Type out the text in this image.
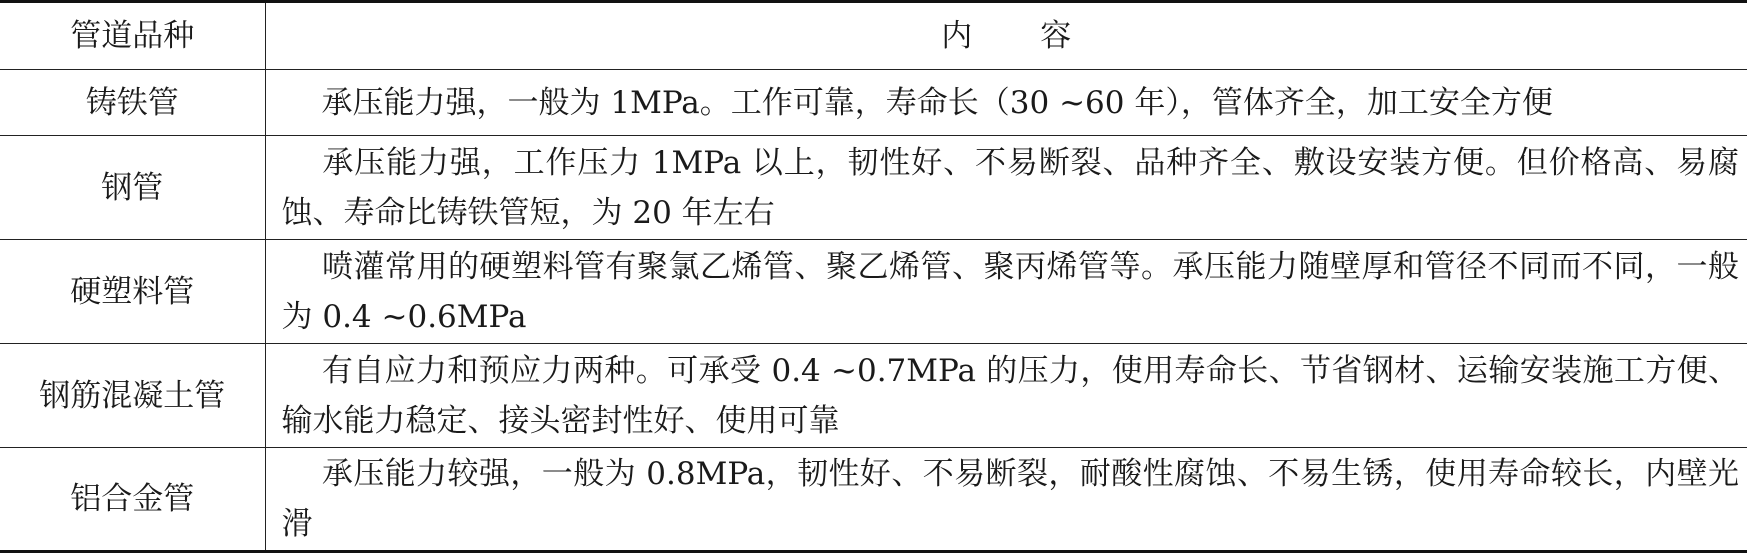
管道品种	内容
铸铁管	承压能力强，一般为 1MPa。工作可靠，寿命长（30 ~60 年），管体齐全，加工安全方便
钢管	承压能力强，工作压力 1MPa 以上，韧性好、不易断裂、品种齐全、敷设安装方便。但价格高、易腐蚀、寿命比铸铁管短，为 20 年左右
硬塑料管	喷灌常用的硬塑料管有聚氯乙烯管、聚乙烯管、聚丙烯管等。承压能力随壁厚和管径不同而不同，一般为 0.4 ~0.6MPa
钢筋混凝土管	有自应力和预应力两种。可承受 0.4 ~0.7MPa 的压力，使用寿命长、节省钢材、运输安装施工方便、输水能力稳定、接头密封性好、使用可靠
铝合金管	承压能力较强，一般为 0.8MPa，韧性好、不易断裂，耐酸性腐蚀、不易生锈，使用寿命较长，内壁光滑
